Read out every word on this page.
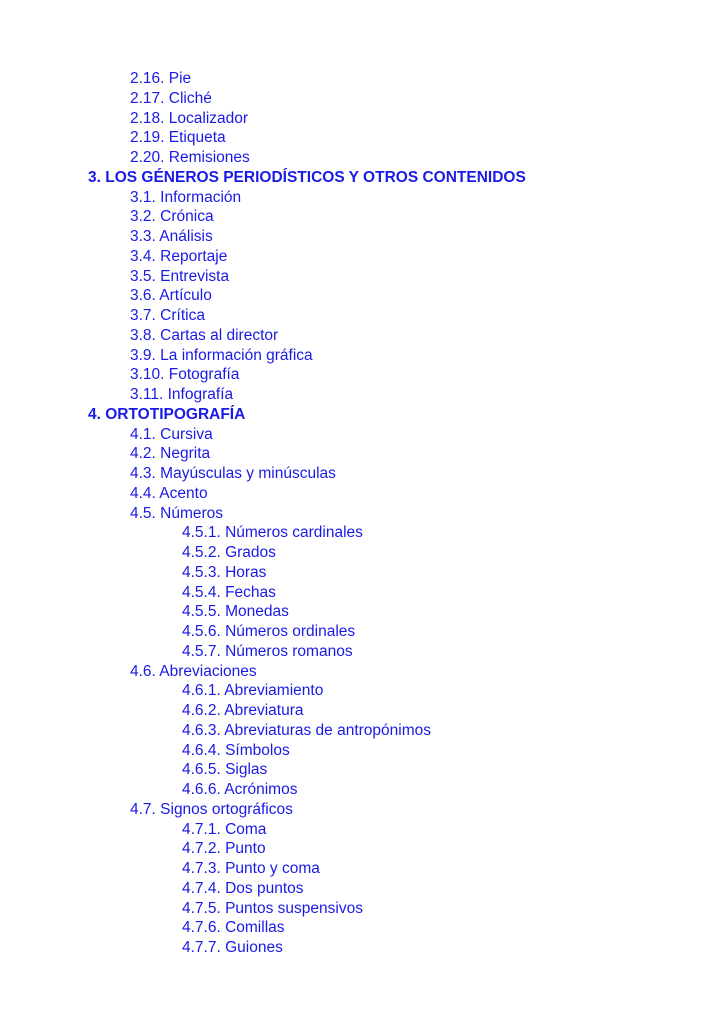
2.16. Pie
2.17. Cliché
2.18. Localizador
2.19. Etiqueta
2.20. Remisiones
3. LOS GÉNEROS PERIODÍSTICOS Y OTROS CONTENIDOS
3.1. Información
3.2. Crónica
3.3. Análisis
3.4. Reportaje
3.5. Entrevista
3.6. Artículo
3.7. Crítica
3.8. Cartas al director
3.9. La información gráfica
3.10. Fotografía
3.11. Infografía
4. ORTOTIPOGRAFÍA
4.1. Cursiva
4.2. Negrita
4.3. Mayúsculas y minúsculas
4.4. Acento
4.5. Números
4.5.1. Números cardinales
4.5.2. Grados
4.5.3. Horas
4.5.4. Fechas
4.5.5. Monedas
4.5.6. Números ordinales
4.5.7. Números romanos
4.6. Abreviaciones
4.6.1. Abreviamiento
4.6.2. Abreviatura
4.6.3. Abreviaturas de antropónimos
4.6.4. Símbolos
4.6.5. Siglas
4.6.6. Acrónimos
4.7. Signos ortográficos
4.7.1. Coma
4.7.2. Punto
4.7.3. Punto y coma
4.7.4. Dos puntos
4.7.5. Puntos suspensivos
4.7.6. Comillas
4.7.7. Guiones
